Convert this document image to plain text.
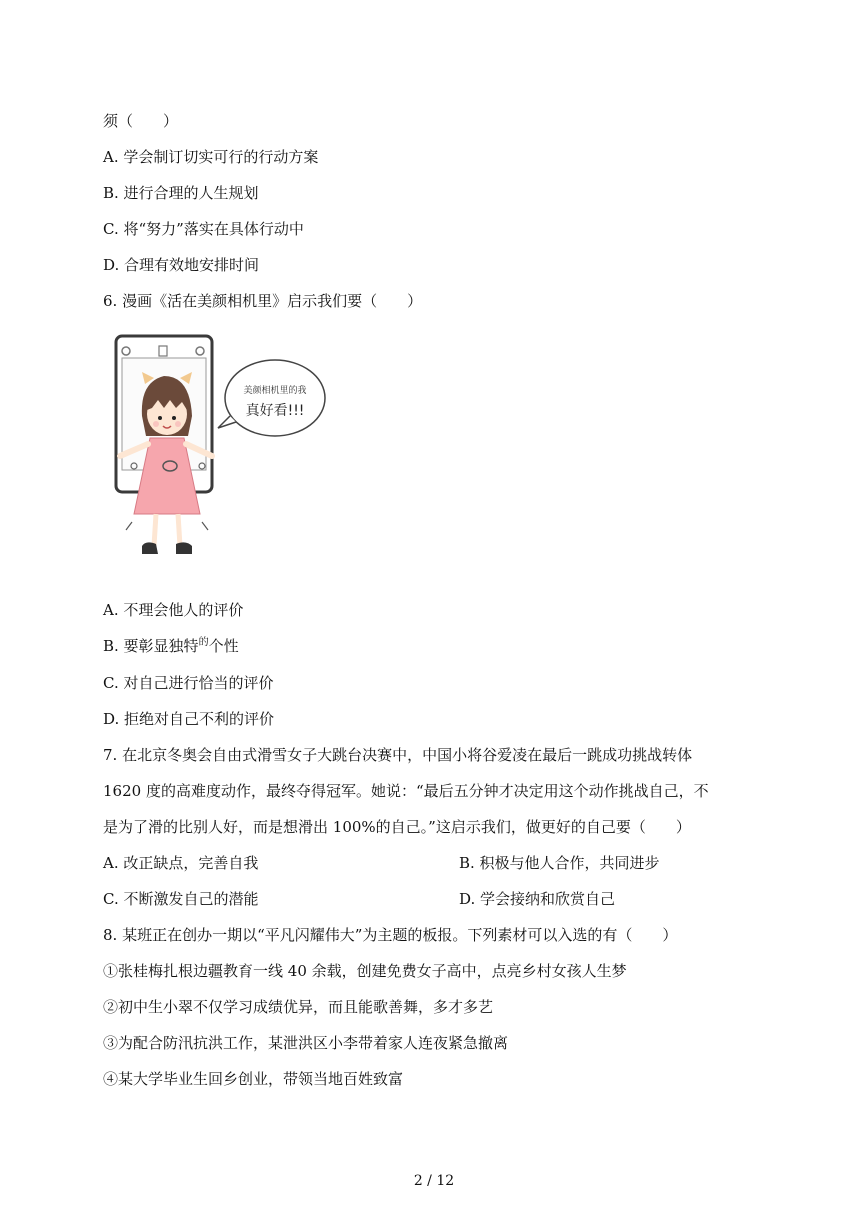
须（　　）
A. 学会制订切实可行的行动方案
B. 进行合理的人生规划
C. 将“努力”落实在具体行动中
D. 合理有效地安排时间
6. 漫画《活在美颜相机里》启示我们要（　　）
美颜相机里的我
真好看!!!
A. 不理会他人的评价
B. 要彰显独特$^的$个性
C. 对自己进行恰当的评价
D. 拒绝对自己不利的评价
7. 在北京冬奥会自由式滑雪女子大跳台决赛中，中国小将谷爱凌在最后一跳成功挑战转体
1620 度的高难度动作，最终夺得冠军。她说：“最后五分钟才决定用这个动作挑战自己，不
是为了滑的比别人好，而是想滑出 100%的自己。”这启示我们，做更好的自己要（　　）
A. 改正缺点，完善自我	B. 积极与他人合作，共同进步
C. 不断激发自己的潜能	D. 学会接纳和欣赏自己
8. 某班正在创办一期以“平凡闪耀伟大”为主题的板报。下列素材可以入选的有（　　）
①张桂梅扎根边疆教育一线 40 余载，创建免费女子高中，点亮乡村女孩人生梦
②初中生小翠不仅学习成绩优异，而且能歌善舞，多才多艺
③为配合防汛抗洪工作，某泄洪区小李带着家人连夜紧急撤离
④某大学毕业生回乡创业，带领当地百姓致富
2 / 12
